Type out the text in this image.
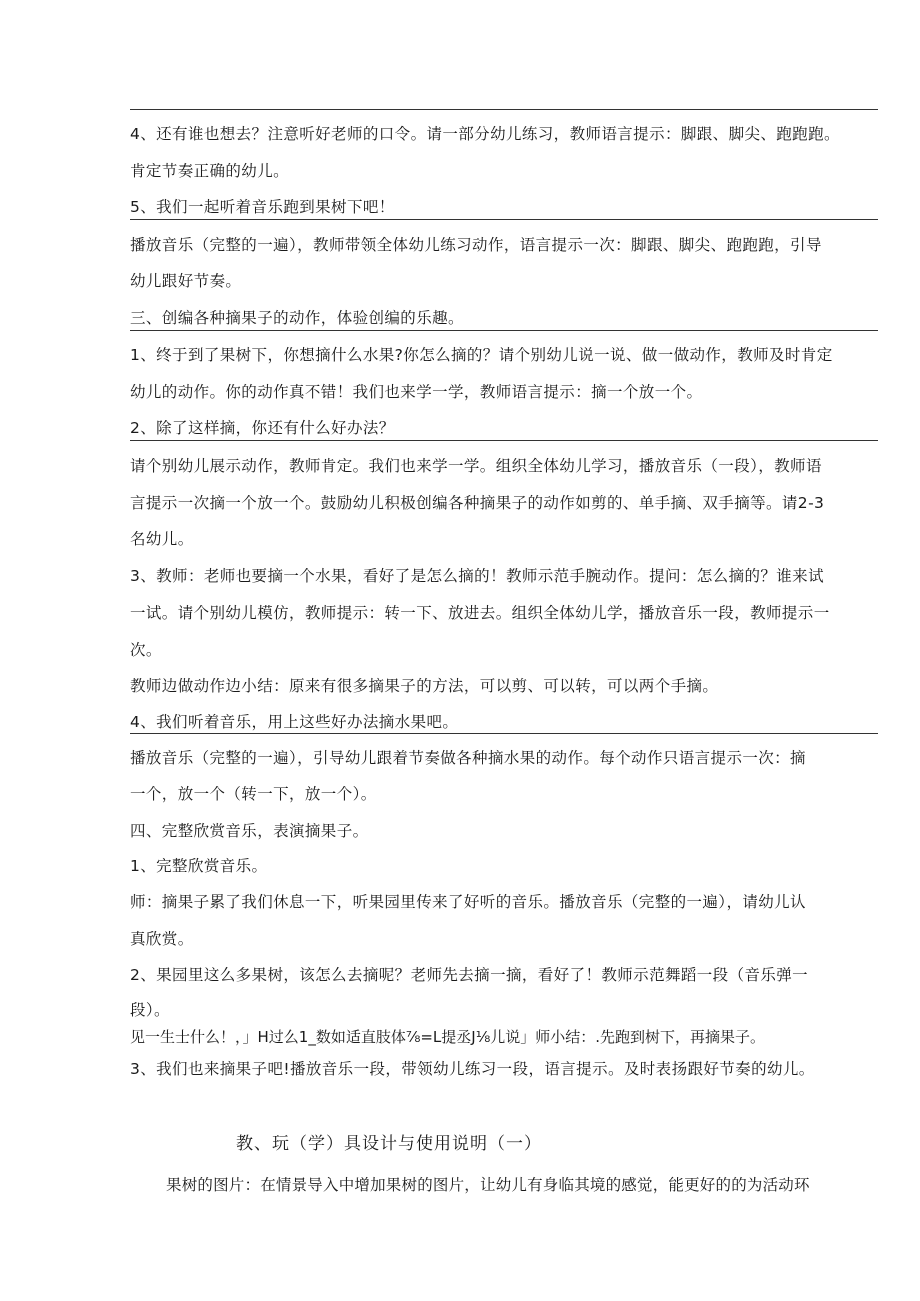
4、还有谁也想去？注意听好老师的口令。请一部分幼儿练习，教师语言提示：脚跟、脚尖、跑跑跑。
肯定节奏正确的幼儿。
5、我们一起听着音乐跑到果树下吧！
播放音乐（完整的一遍），教师带领全体幼儿练习动作，语言提示一次：脚跟、脚尖、跑跑跑，引导
幼儿跟好节奏。
三、创编各种摘果子的动作，体验创编的乐趣。
1、终于到了果树下，你想摘什么水果?你怎么摘的？请个别幼儿说一说、做一做动作，教师及时肯定
幼儿的动作。你的动作真不错！我们也来学一学，教师语言提示：摘一个放一个。
2、除了这样摘，你还有什么好办法？
请个别幼儿展示动作，教师肯定。我们也来学一学。组织全体幼儿学习，播放音乐（一段），教师语
言提示一次摘一个放一个。鼓励幼儿积极创编各种摘果子的动作如剪的、单手摘、双手摘等。请2-3
名幼儿。
3、教师：老师也要摘一个水果，看好了是怎么摘的！教师示范手腕动作。提问：怎么摘的？谁来试
一试。请个别幼儿模仿，教师提示：转一下、放进去。组织全体幼儿学，播放音乐一段，教师提示一
次。
教师边做动作边小结：原来有很多摘果子的方法，可以剪、可以转，可以两个手摘。
4、我们听着音乐，用上这些好办法摘水果吧。
播放音乐（完整的一遍），引导幼儿跟着节奏做各种摘水果的动作。每个动作只语言提示一次：摘
一个，放一个（转一下，放一个）。
四、完整欣赏音乐，表演摘果子。
1、完整欣赏音乐。
师：摘果子累了我们休息一下，听果园里传来了好听的音乐。播放音乐（完整的一遍），请幼儿认
真欣赏。
2、果园里这么多果树，该怎么去摘呢？老师先去摘一摘，看好了！教师示范舞蹈一段（音乐弹一
段）。
见一生士什么！，」H过么1_数如适直肢体⅞=L提丞J⅛儿说」师小结：.先跑到树下，再摘果子。
3、我们也来摘果子吧!播放音乐一段，带领幼儿练习一段，语言提示。及时表扬跟好节奏的幼儿。
教、玩（学）具设计与使用说明（一）
果树的图片：在情景导入中增加果树的图片，让幼儿有身临其境的感觉，能更好的的为活动环
